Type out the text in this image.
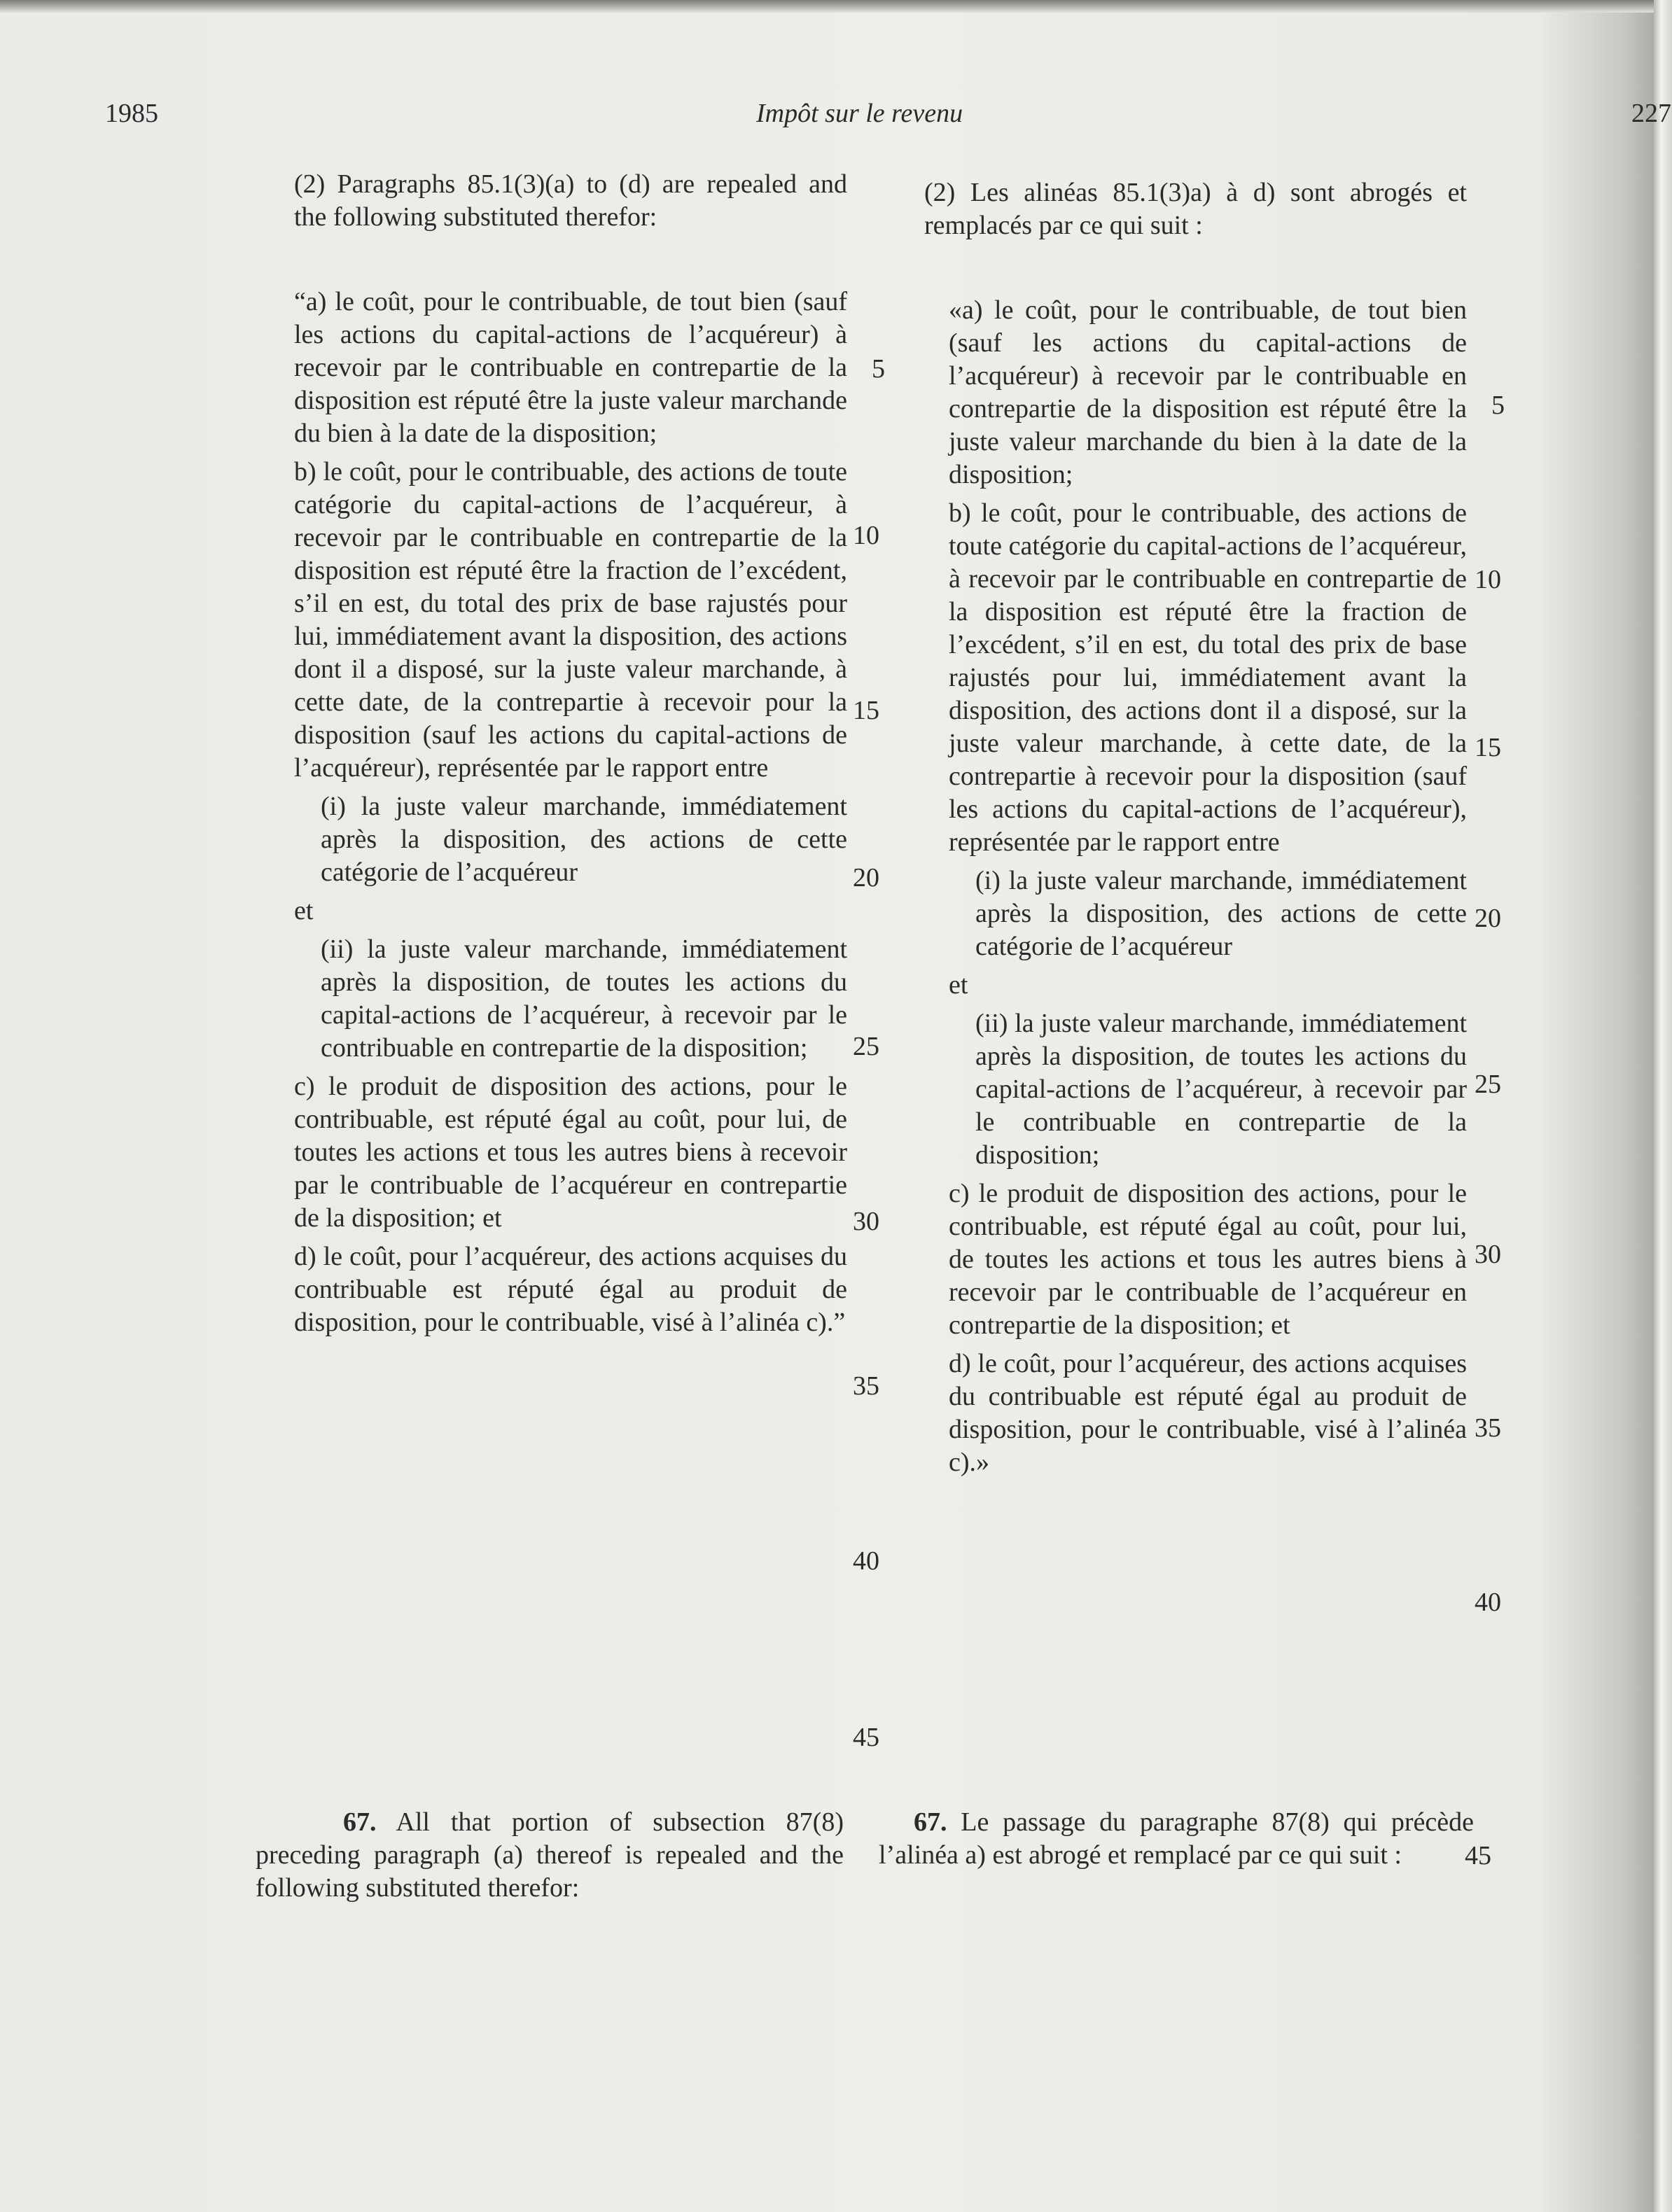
1985	Impôt sur le revenu	227

(2) Paragraphs 85.1(3)(a) to (d) are repealed and the following substituted therefor:

“a) le coût, pour le contribuable, de tout bien (sauf les actions du capital-actions de l’acquéreur) à recevoir par le contribuable en contrepartie de la disposition est réputé être la juste valeur marchande du bien à la date de la disposition;
b) le coût, pour le contribuable, des actions de toute catégorie du capital-actions de l’acquéreur, à recevoir par le contribuable en contrepartie de la disposition est réputé être la fraction de l’excédent, s’il en est, du total des prix de base rajustés pour lui, immédiatement avant la disposition, des actions dont il a disposé, sur la juste valeur marchande, à cette date, de la contrepartie à recevoir pour la disposition (sauf les actions du capital-actions de l’acquéreur), représentée par le rapport entre
(i) la juste valeur marchande, immédiatement après la disposition, des actions de cette catégorie de l’acquéreur
et
(ii) la juste valeur marchande, immédiatement après la disposition, de toutes les actions du capital-actions de l’acquéreur, à recevoir par le contribuable en contrepartie de la disposition;
c) le produit de disposition des actions, pour le contribuable, est réputé égal au coût, pour lui, de toutes les actions et tous les autres biens à recevoir par le contribuable de l’acquéreur en contrepartie de la disposition; et
d) le coût, pour l’acquéreur, des actions acquises du contribuable est réputé égal au produit de disposition, pour le contribuable, visé à l’alinéa c).”
5
10
15
20
25
30
35
40
45

(2) Les alinéas 85.1(3)a) à d) sont abrogés et remplacés par ce qui suit :

«a) le coût, pour le contribuable, de tout bien (sauf les actions du capital-actions de l’acquéreur) à recevoir par le contribuable en contrepartie de la disposition est réputé être la juste valeur marchande du bien à la date de la disposition;
b) le coût, pour le contribuable, des actions de toute catégorie du capital-actions de l’acquéreur, à recevoir par le contribuable en contrepartie de la disposition est réputé être la fraction de l’excédent, s’il en est, du total des prix de base rajustés pour lui, immédiatement avant la disposition, des actions dont il a disposé, sur la juste valeur marchande, à cette date, de la contrepartie à recevoir pour la disposition (sauf les actions du capital-actions de l’acquéreur), représentée par le rapport entre
(i) la juste valeur marchande, immédiatement après la disposition, des actions de cette catégorie de l’acquéreur
et
(ii) la juste valeur marchande, immédiatement après la disposition, de toutes les actions du capital-actions de l’acquéreur, à recevoir par le contribuable en contrepartie de la disposition;
c) le produit de disposition des actions, pour le contribuable, est réputé égal au coût, pour lui, de toutes les actions et tous les autres biens à recevoir par le contribuable de l’acquéreur en contrepartie de la disposition; et
d) le coût, pour l’acquéreur, des actions acquises du contribuable est réputé égal au produit de disposition, pour le contribuable, visé à l’alinéa c).»
5
10
15
20
25
30
35
40
45

67. All that portion of subsection 87(8) preceding paragraph (a) thereof is repealed and the following substituted therefor:

67. Le passage du paragraphe 87(8) qui précède l’alinéa a) est abrogé et remplacé par ce qui suit :
